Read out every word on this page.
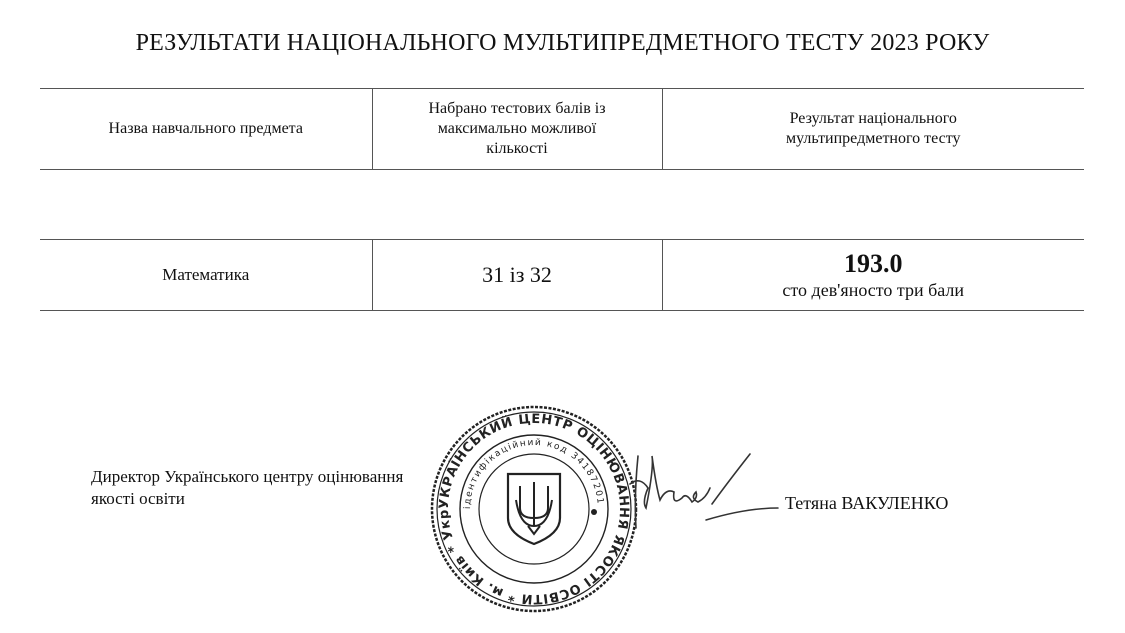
РЕЗУЛЬТАТИ НАЦІОНАЛЬНОГО МУЛЬТИПРЕДМЕТНОГО ТЕСТУ 2023 РОКУ
Назва навчального предмета	Набрано тестових балів із максимально можливої кількості	Результат національного мультипредметного тесту
Математика	31 із 32	193.0
сто дев'яносто три бали
Директор Українського центру оцінювання якості освіти	УКРАЇНСЬКИЙ ЦЕНТР ОЦІНЮВАННЯ ЯКОСТІ ОСВІТИ * м. Київ * Укр
ідентифікаційний код 34187201	Тетяна ВАКУЛЕНКО
